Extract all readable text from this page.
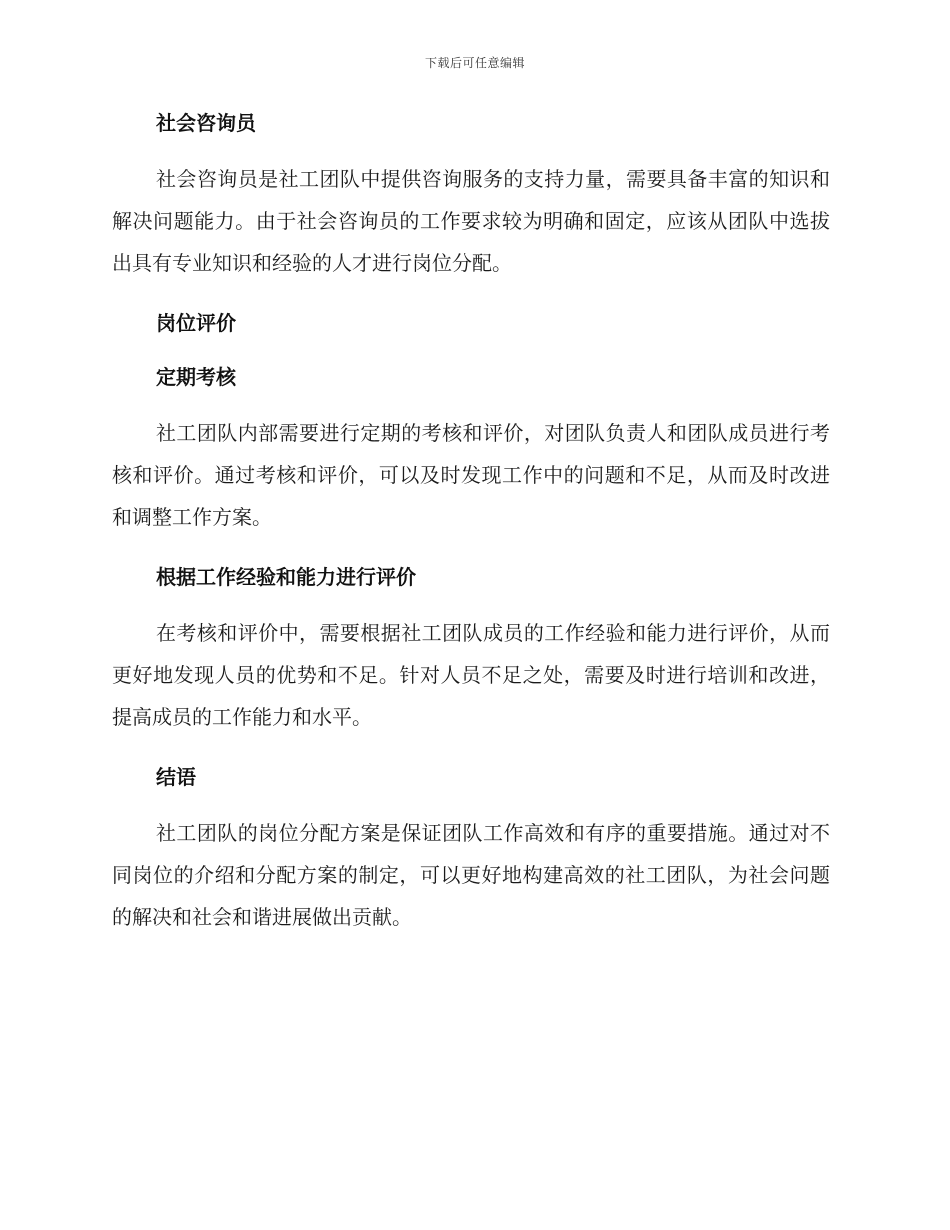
下载后可任意编辑
社会咨询员

社会咨询员是社工团队中提供咨询服务的支持力量，需要具备丰富的知识和解决问题能力。由于社会咨询员的工作要求较为明确和固定，应该从团队中选拔出具有专业知识和经验的人才进行岗位分配。

岗位评价
定期考核

社工团队内部需要进行定期的考核和评价，对团队负责人和团队成员进行考核和评价。通过考核和评价，可以及时发现工作中的问题和不足，从而及时改进和调整工作方案。

根据工作经验和能力进行评价

在考核和评价中，需要根据社工团队成员的工作经验和能力进行评价，从而更好地发现人员的优势和不足。针对人员不足之处，需要及时进行培训和改进，提高成员的工作能力和水平。

结语

社工团队的岗位分配方案是保证团队工作高效和有序的重要措施。通过对不同岗位的介绍和分配方案的制定，可以更好地构建高效的社工团队，为社会问题的解决和社会和谐进展做出贡献。
